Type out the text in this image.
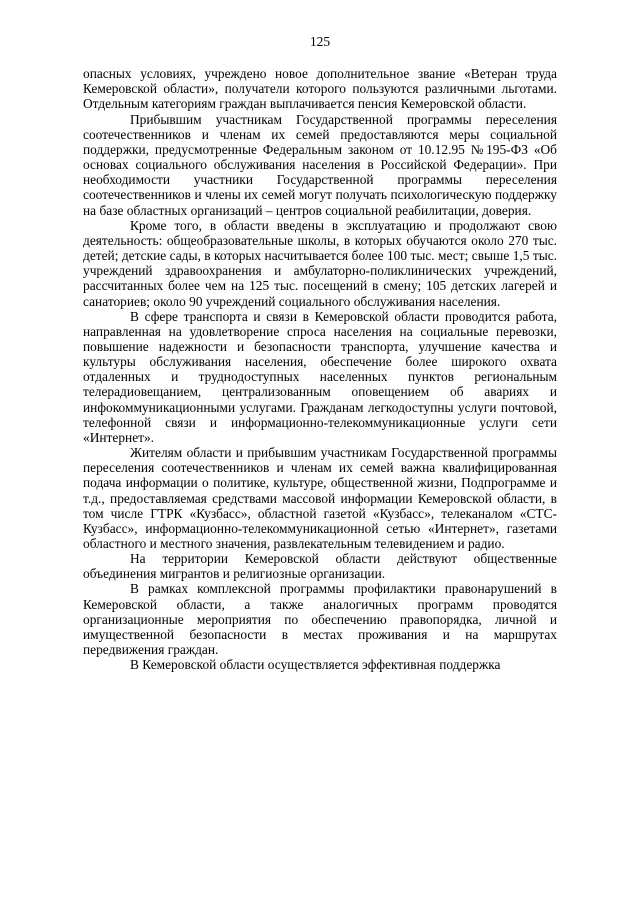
125

опасных условиях, учреждено новое дополнительное звание «Ветеран труда Кемеровской области», получатели которого пользуются различными льготами. Отдельным категориям граждан выплачивается пенсия Кемеровской области.

Прибывшим участникам Государственной программы переселения соотечественников и членам их семей предоставляются меры социальной поддержки, предусмотренные Федеральным законом от 10.12.95 №195-ФЗ «Об основах социального обслуживания населения в Российской Федерации». При необходимости участники Государственной программы переселения соотечественников и члены их семей могут получать психологическую поддержку на базе областных организаций – центров социальной реабилитации, доверия.

Кроме того, в области введены в эксплуатацию и продолжают свою деятельность: общеобразовательные школы, в которых обучаются около 270 тыс. детей; детские сады, в которых насчитывается более 100 тыс. мест; свыше 1,5 тыс. учреждений здравоохранения и амбулаторно-поликлинических учреждений, рассчитанных более чем на 125 тыс. посещений в смену; 105 детских лагерей и санаториев; около 90 учреждений социального обслуживания населения.

В сфере транспорта и связи в Кемеровской области проводится работа, направленная на удовлетворение спроса населения на социальные перевозки, повышение надежности и безопасности транспорта, улучшение качества и культуры обслуживания населения, обеспечение более широкого охвата отдаленных и труднодоступных населенных пунктов региональным телерадиовещанием, централизованным оповещением об авариях и инфокоммуникационными услугами. Гражданам легкодоступны услуги почтовой, телефонной связи и информационно-телекоммуникационные услуги сети «Интернет».

Жителям области и прибывшим участникам Государственной программы переселения соотечественников и членам их семей важна квалифицированная подача информации о политике, культуре, общественной жизни, Подпрограмме и т.д., предоставляемая средствами массовой информации Кемеровской области, в том числе ГТРК «Кузбасс», областной газетой «Кузбасс», телеканалом «СТС-Кузбасс», информационно-телекоммуникационной сетью «Интернет», газетами областного и местного значения, развлекательным телевидением и радио.

На территории Кемеровской области действуют общественные объединения мигрантов и религиозные организации.

В рамках комплексной программы профилактики правонарушений в Кемеровской области, а также аналогичных программ проводятся организационные мероприятия по обеспечению правопорядка, личной и имущественной безопасности в местах проживания и на маршрутах передвижения граждан.

В Кемеровской области осуществляется эффективная поддержка
